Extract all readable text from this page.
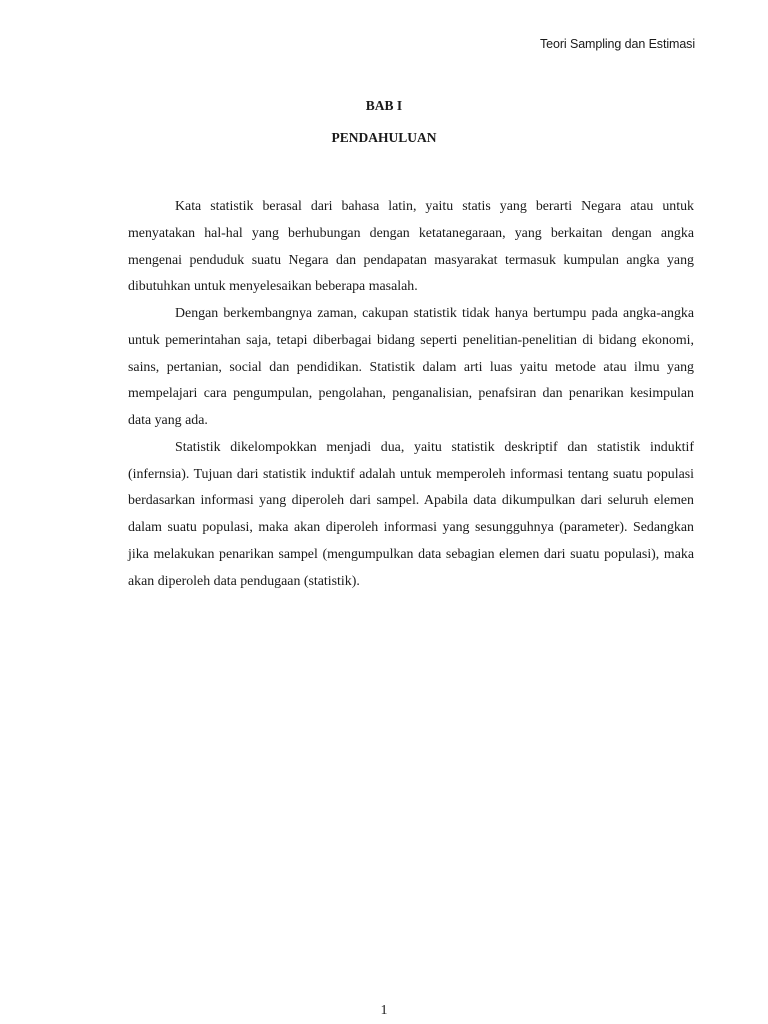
Teori Sampling dan Estimasi
BAB I
PENDAHULUAN

Kata statistik berasal dari bahasa latin, yaitu statis yang berarti Negara atau untuk menyatakan hal-hal yang berhubungan dengan ketatanegaraan, yang berkaitan dengan angka mengenai penduduk suatu Negara dan pendapatan masyarakat termasuk kumpulan angka yang dibutuhkan untuk menyelesaikan beberapa masalah.

Dengan berkembangnya zaman, cakupan statistik tidak hanya bertumpu pada angka-angka untuk pemerintahan saja, tetapi diberbagai bidang seperti penelitian-penelitian di bidang ekonomi, sains, pertanian, social dan pendidikan. Statistik dalam arti luas yaitu metode atau ilmu yang mempelajari cara pengumpulan, pengolahan, penganalisian, penafsiran dan penarikan kesimpulan data yang ada.

Statistik dikelompokkan menjadi dua, yaitu statistik deskriptif dan statistik induktif (infernsia). Tujuan dari statistik induktif adalah untuk memperoleh informasi tentang suatu populasi berdasarkan informasi yang diperoleh dari sampel. Apabila data dikumpulkan dari seluruh elemen dalam suatu populasi, maka akan diperoleh informasi yang sesungguhnya (parameter). Sedangkan jika melakukan penarikan sampel (mengumpulkan data sebagian elemen dari suatu populasi), maka akan diperoleh data pendugaan (statistik).

1
